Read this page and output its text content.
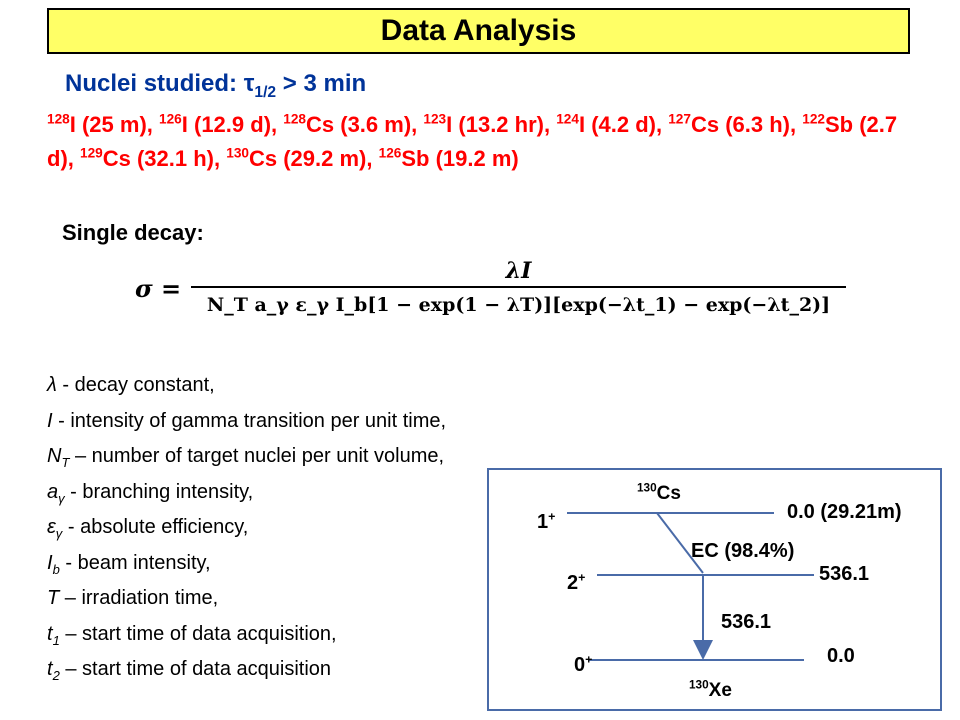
Data Analysis
Nuclei studied: $\tau_{1/2} > 3$ min
$^{128}$I (25 m), $^{126}$I (12.9 d), $^{128}$Cs (3.6 m), $^{123}$I (13.2 hr), $^{124}$I (4.2 d), $^{127}$Cs (6.3 h), $^{122}$Sb (2.7 d), $^{129}$Cs (32.1 h), $^{130}$Cs (29.2 m), $^{126}$Sb (19.2 m)
Single decay:
σ =
λI
N_T a_γ ε_γ I_b[1 − exp(1 − λT)][exp(−λt_1) − exp(−λt_2)]
λ - decay constant,
I - intensity of gamma transition per unit time,
$N_T$ – number of target nuclei per unit volume,
$a_\gamma$ - branching intensity,
$\varepsilon_\gamma$ - absolute efficiency,
$I_b$ - beam intensity,
T – irradiation time,
$t_1$ – start time of data acquisition,
$t_2$ – start time of data acquisition
$^{130}$Cs
$^{130}$Xe
1+
2+
0+
0.0 (29.21m)
536.1
0.0
EC (98.4%)
536.1
